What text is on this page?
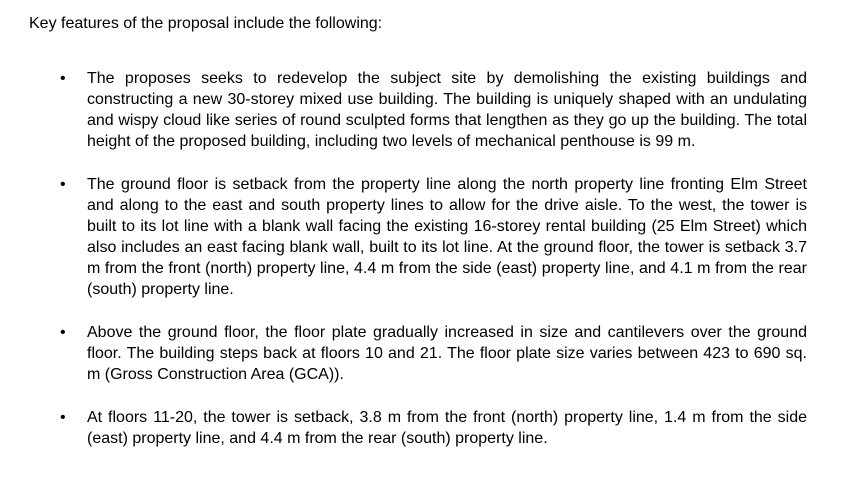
Key features of the proposal include the following:
• The proposes seeks to redevelop the subject site by demolishing the existing buildings and constructing a new 30-storey mixed use building. The building is uniquely shaped with an undulating and wispy cloud like series of round sculpted forms that lengthen as they go up the building. The total height of the proposed building, including two levels of mechanical penthouse is 99 m.
• The ground floor is setback from the property line along the north property line fronting Elm Street and along to the east and south property lines to allow for the drive aisle. To the west, the tower is built to its lot line with a blank wall facing the existing 16-storey rental building (25 Elm Street) which also includes an east facing blank wall, built to its lot line. At the ground floor, the tower is setback 3.7 m from the front (north) property line, 4.4 m from the side (east) property line, and 4.1 m from the rear (south) property line.
• Above the ground floor, the floor plate gradually increased in size and cantilevers over the ground floor. The building steps back at floors 10 and 21. The floor plate size varies between 423 to 690 sq. m (Gross Construction Area (GCA)).
• At floors 11-20, the tower is setback, 3.8 m from the front (north) property line, 1.4 m from the side (east) property line, and 4.4 m from the rear (south) property line.
